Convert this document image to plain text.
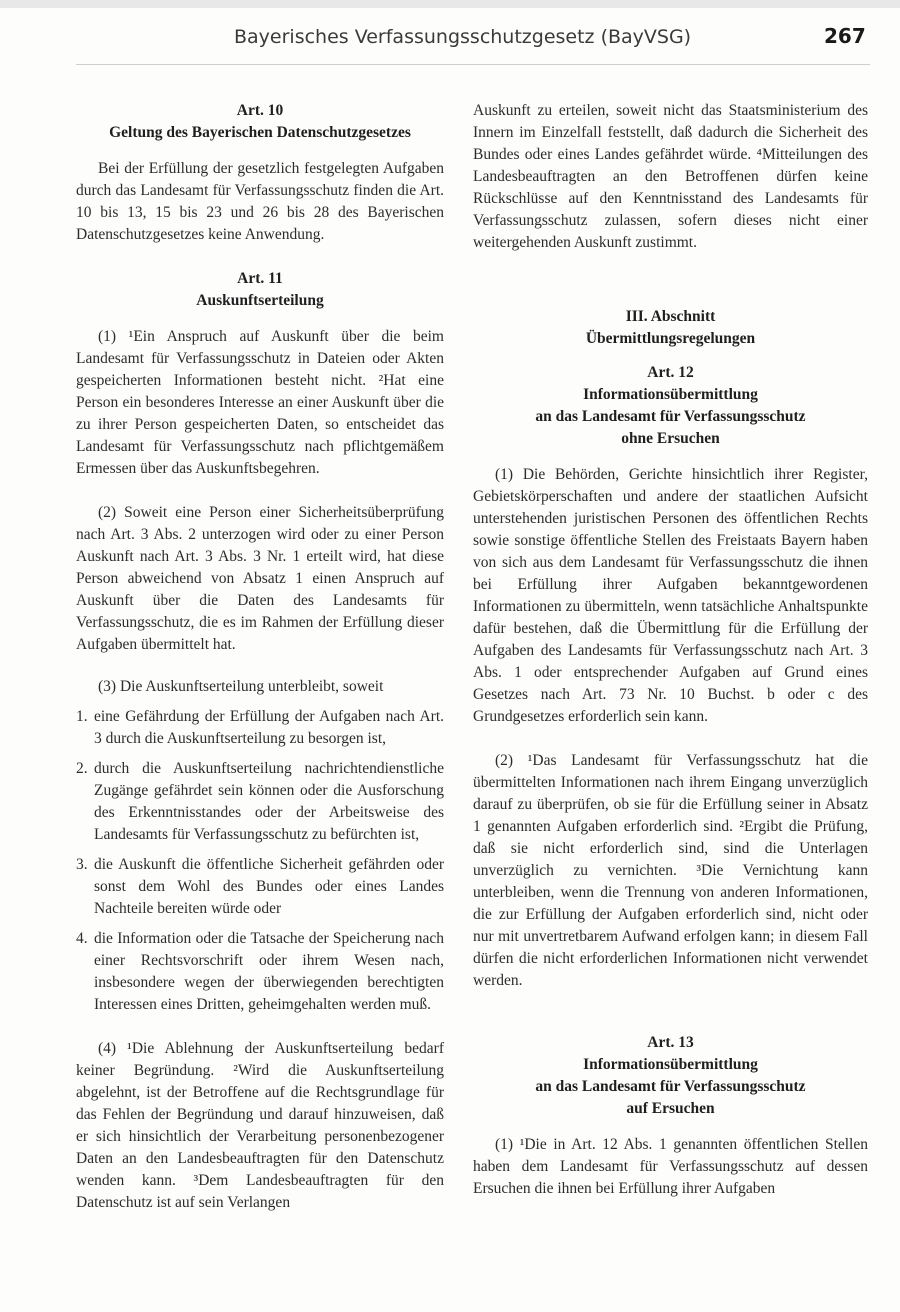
Bayerisches Verfassungsschutzgesetz (BayVSG)	267
Art. 10
Geltung des Bayerischen Datenschutzgesetzes

Bei der Erfüllung der gesetzlich festgelegten Aufgaben durch das Landesamt für Verfassungsschutz finden die Art. 10 bis 13, 15 bis 23 und 26 bis 28 des Bayerischen Datenschutzgesetzes keine Anwendung.

Art. 11
Auskunftserteilung

(1) ¹Ein Anspruch auf Auskunft über die beim Landesamt für Verfassungsschutz in Dateien oder Akten gespeicherten Informationen besteht nicht. ²Hat eine Person ein besonderes Interesse an einer Auskunft über die zu ihrer Person gespeicherten Daten, so entscheidet das Landesamt für Verfassungsschutz nach pflichtgemäßem Ermessen über das Auskunftsbegehren.

(2) Soweit eine Person einer Sicherheitsüberprüfung nach Art. 3 Abs. 2 unterzogen wird oder zu einer Person Auskunft nach Art. 3 Abs. 3 Nr. 1 erteilt wird, hat diese Person abweichend von Absatz 1 einen Anspruch auf Auskunft über die Daten des Landesamts für Verfassungsschutz, die es im Rahmen der Erfüllung dieser Aufgaben übermittelt hat.

(3) Die Auskunftserteilung unterbleibt, soweit

1. eine Gefährdung der Erfüllung der Aufgaben nach Art. 3 durch die Auskunftserteilung zu besorgen ist,
2. durch die Auskunftserteilung nachrichtendienstliche Zugänge gefährdet sein können oder die Ausforschung des Erkenntnisstandes oder der Arbeitsweise des Landesamts für Verfassungsschutz zu befürchten ist,
3. die Auskunft die öffentliche Sicherheit gefährden oder sonst dem Wohl des Bundes oder eines Landes Nachteile bereiten würde oder
4. die Information oder die Tatsache der Speicherung nach einer Rechtsvorschrift oder ihrem Wesen nach, insbesondere wegen der überwiegenden berechtigten Interessen eines Dritten, geheimgehalten werden muß.

(4) ¹Die Ablehnung der Auskunftserteilung bedarf keiner Begründung. ²Wird die Auskunftserteilung abgelehnt, ist der Betroffene auf die Rechtsgrundlage für das Fehlen der Begründung und darauf hinzuweisen, daß er sich hinsichtlich der Verarbeitung personenbezogener Daten an den Landesbeauftragten für den Datenschutz wenden kann. ³Dem Landesbeauftragten für den Datenschutz ist auf sein Verlangen

Auskunft zu erteilen, soweit nicht das Staatsministerium des Innern im Einzelfall feststellt, daß dadurch die Sicherheit des Bundes oder eines Landes gefährdet würde. ⁴Mitteilungen des Landesbeauftragten an den Betroffenen dürfen keine Rückschlüsse auf den Kenntnisstand des Landesamts für Verfassungsschutz zulassen, sofern dieses nicht einer weitergehenden Auskunft zustimmt.

III. Abschnitt
Übermittlungsregelungen
Art. 12
Informationsübermittlung
an das Landesamt für Verfassungsschutz
ohne Ersuchen

(1) Die Behörden, Gerichte hinsichtlich ihrer Register, Gebietskörperschaften und andere der staatlichen Aufsicht unterstehenden juristischen Personen des öffentlichen Rechts sowie sonstige öffentliche Stellen des Freistaats Bayern haben von sich aus dem Landesamt für Verfassungsschutz die ihnen bei Erfüllung ihrer Aufgaben bekanntgewordenen Informationen zu übermitteln, wenn tatsächliche Anhaltspunkte dafür bestehen, daß die Übermittlung für die Erfüllung der Aufgaben des Landesamts für Verfassungsschutz nach Art. 3 Abs. 1 oder entsprechender Aufgaben auf Grund eines Gesetzes nach Art. 73 Nr. 10 Buchst. b oder c des Grundgesetzes erforderlich sein kann.

(2) ¹Das Landesamt für Verfassungsschutz hat die übermittelten Informationen nach ihrem Eingang unverzüglich darauf zu überprüfen, ob sie für die Erfüllung seiner in Absatz 1 genannten Aufgaben erforderlich sind. ²Ergibt die Prüfung, daß sie nicht erforderlich sind, sind die Unterlagen unverzüglich zu vernichten. ³Die Vernichtung kann unterbleiben, wenn die Trennung von anderen Informationen, die zur Erfüllung der Aufgaben erforderlich sind, nicht oder nur mit unvertretbarem Aufwand erfolgen kann; in diesem Fall dürfen die nicht erforderlichen Informationen nicht verwendet werden.

Art. 13
Informationsübermittlung
an das Landesamt für Verfassungsschutz
auf Ersuchen

(1) ¹Die in Art. 12 Abs. 1 genannten öffentlichen Stellen haben dem Landesamt für Verfassungsschutz auf dessen Ersuchen die ihnen bei Erfüllung ihrer Aufgaben
